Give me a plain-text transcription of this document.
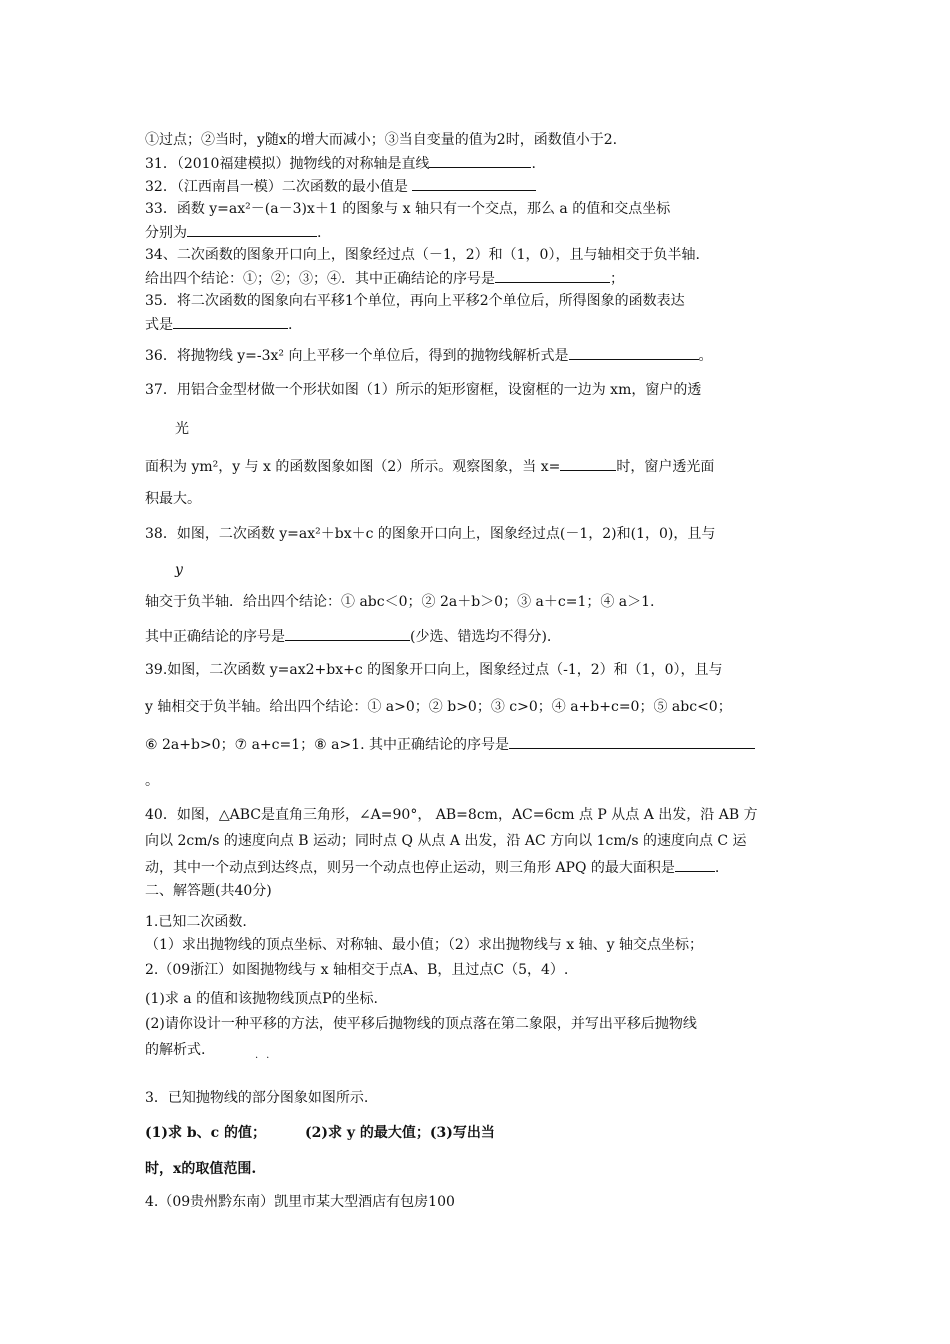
①过点；②当时，y随x的增大而减小；③当自变量的值为2时，函数值小于2.
31．（2010福建模拟）抛物线的对称轴是直线	.
32．（江西南昌一模）二次函数的最小值是
33．函数 y=ax²－(a－3)x＋1 的图象与 x 轴只有一个交点，那么 a 的值和交点坐标
分别为	.
34、二次函数的图象开口向上，图象经过点（－1，2）和（1，0），且与轴相交于负半轴.
给出四个结论：①；②；③；④．其中正确结论的序号是	；
35．将二次函数的图象向右平移1个单位，再向上平移2个单位后，所得图象的函数表达
式是	.
36．将抛物线 y=-3x² 向上平移一个单位后，得到的抛物线解析式是	。
37．用铝合金型材做一个形状如图（1）所示的矩形窗框，设窗框的一边为 xm，窗户的透
光
面积为 ym²，y 与 x 的函数图象如图（2）所示。观察图象，当 x=	时，窗户透光面
积最大。
38．如图，二次函数 y=ax²＋bx＋c 的图象开口向上，图象经过点(－1，2)和(1，0)，且与
y
轴交于负半轴．给出四个结论：① abc＜0；② 2a＋b＞0；③ a＋c=1；④ a＞1.
其中正确结论的序号是	(少选、错选均不得分).
39.如图，二次函数 y=ax2+bx+c 的图象开口向上，图象经过点（-1，2）和（1，0），且与
y 轴相交于负半轴。给出四个结论：① a>0；② b>0；③ c>0；④ a+b+c=0；⑤ abc<0；
⑥ 2a+b>0；⑦ a+c=1；⑧ a>1. 其中正确结论的序号是
。
40．如图，△ABC是直角三角形，∠A=90°， AB=8cm，AC=6cm 点 P 从点 A 出发，沿 AB 方
向以 2cm/s 的速度向点 B 运动；同时点 Q 从点 A 出发，沿 AC 方向以 1cm/s 的速度向点 C 运
动，其中一个动点到达终点，则另一个动点也停止运动，则三角形 APQ 的最大面积是	.
二、解答题(共40分)
1.已知二次函数.
（1）求出抛物线的顶点坐标、对称轴、最小值；（2）求出抛物线与 x 轴、y 轴交点坐标；
2.（09浙江）如图抛物线与 x 轴相交于点A、B，且过点C（5，4）.
(1)求 a 的值和该抛物线顶点P的坐标.
(2)请你设计一种平移的方法，使平移后抛物线的顶点落在第二象限，并写出平移后抛物线
..
的解析式.
3．已知抛物线的部分图象如图所示.
(1)求 b、c 的值；        (2)求 y 的最大值；(3)写出当
时，x的取值范围.
4.（09贵州黔东南）凯里市某大型酒店有包房100
